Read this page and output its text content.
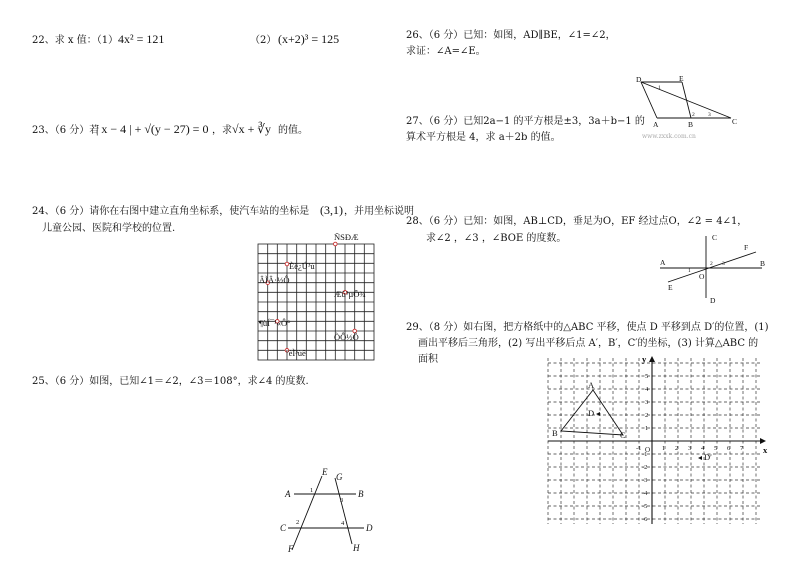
22、求 x 值：（1） 4x² = 121	（2） (x+2)³ = 125
23、（6 分）若
| x − 4 | + √(y − 27) = 0 ，求 √x + ∛y 的值。
24、（6 分）请你在右图中建立直角坐标系，使汽车站的坐标是 (3,1) ，并用坐标说明
儿童公园、医院和学校的位置.
ÑSÐÆ
Èë¿Ú³ù
ÂÌÂ·½Ô
Æû³µÕ¾
¶ùÍ¯¹«Ô°
ÒÔ½Ô
ºèÌ³ùê
25、（6 分）如图，已知∠1＝∠2，∠3＝108°，求∠4 的度数.
A	B
C	D
E G
F	H
1
3
2	4
26、（6 分）已知：如图，AD∥BE，∠1=∠2，
求证：∠A=∠E。
D	E
A	B	C
1
2 3
27、（6 分）已知2a−1 的平方根是±3，3a＋b−1 的
算术平方根是 4，求 a＋2b 的值。	www.zxxk.com.cn
28、（6 分）已知：如图，AB⊥CD，垂足为O，EF 经过点O，∠2 = 4∠1，
求∠2 ，∠3 ，∠BOE 的度数。	C
D
A	B
F
E
O
1
2 3
29、（8 分）如右图，把方格纸中的△ABC 平移，使点 D 平移到点 D′的位置，(1)
画出平移后三角形，(2) 写出平移后点 A′，B′，C′的坐标，(3) 计算△ABC 的
面积
x
y
O
A
B	C
D
D′
-1	1 2 3 4 5 6 7
5
4
3
2
1
-1
-2
-3
-4
-5
-6
